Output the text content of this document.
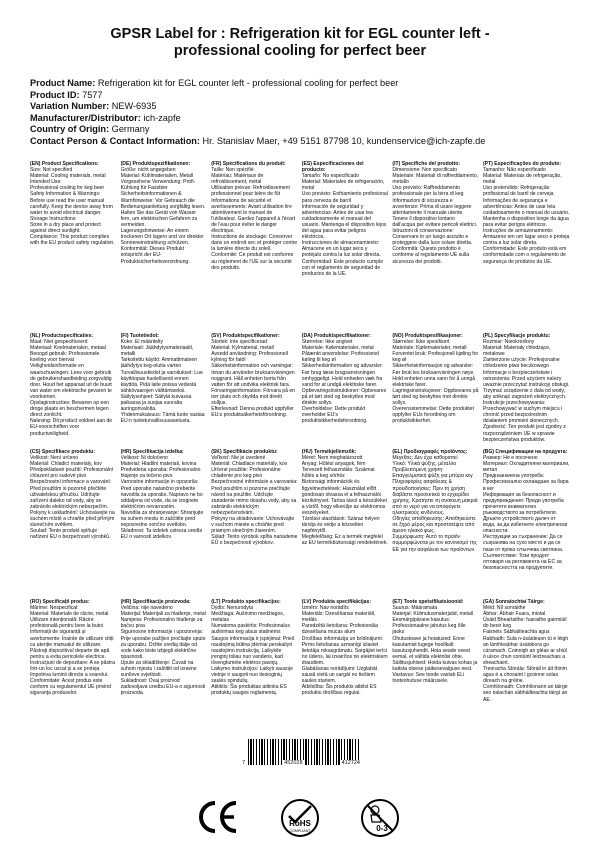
GPSR Label for : Refrigeration kit for EGL counter left -
professional cooling for perfect beer
Product Name: Refrigeration kit for EGL counter left - professional cooling for perfect beer
Product ID: 7577
Variation Number: NEW-6935
Manufacturer/Distributor: ich-zapfe
Country of Origin: Germany
Contact Person & Contact Information: Hr. Stanislav Maer, +49 5151 87798 10, kundenservice@ich-zapfe.de

(EN) Product Specifications:

Size: Not specified
Material: Cooling materials, metal
Intended Use:
Professional cooling for keg beer
Safety Information & Warnings: Before use read the user manual carefully. Keep the device away from water to avoid electrical danger.
Storage Instructions:
Store in a dry place and protect against direct sunlight.
Compliance: This product complies with the EU product safety regulation.

(DE) Produktspezifikationen:

Größe: nicht angegeben
Material: Kühlmaterialien, Metall
Vorgesehene Verwendung: Profi-Kühlung für Fassbier
Sicherheitsinformationen & Warnhinweise: Vor Gebrauch die Bedienungsanleitung sorgfältig lesen. Halten Sie das Gerät von Wasser fern, um elektrischen Gefahren zu vermeiden.
Lagerungshinweise: An einem trockenen Ort lagern und vor direkter Sonneneinstrahlung schützen.
Konformität: Dieses Produkt entspricht der EU-Produktsicherheitsverordnung.

(FR) Spécifications du produit:

Taille: Non spécifié
Matériau: Matériaux de refroidissement, métal
Utilisation prévue: Refroidissement professionnel pour bière de fût
Informations de sécurité et avertissements: Avant utilisation lire attentivement le manuel de l'utilisateur. Gardez l'appareil à l'écart de l'eau pour éviter le danger électrique.
Instructions de stockage: Conserver dans un endroit sec et protéger contre la lumière directe du soleil.
Conformité: Ce produit est conforme au règlement de l'UE sur la sécurité des produits.

(ES) Especificaciones del producto:

Tamaño: No especificado
Material: Materiales de refrigeración, metal
Uso previsto: Enfriamiento profesional para cerveza de barril
Información de seguridad y advertencias: Antes de usar lea cuidadosamente el manual del usuario. Mantenga el dispositivo lejos del agua para evitar peligros eléctricos.
Instrucciones de almacenamiento: Almacene en un lugar seco y protéjalo contra la luz solar directa.
Conformidad: Este producto cumple con el reglamento de seguridad de productos de la UE.

(IT) Specifiche del prodotto:

Dimensione: Non specificato
Materiale: Materiali di raffreddamento, metallo
Uso previsto: Raffreddamento professionale per la birra di keg
Informazioni di sicurezza e avvertenze: Prima di usare leggere attentamente il manuale utente. Tenere il dispositivo lontano dall'acqua per evitare pericoli elettrici.
Istruzioni di conservazione: Conservare in un luogo asciutto e proteggere dalla luce solare diretta.
Conformità: Questo prodotto è conforme al regolamento UE sulla sicurezza dei prodotti.

(PT) Especificações do produto:

Tamanho: Não especificado
Material: Materiais de refrigeração, metal
Uso pretendido: Refrigeração profissional de barril de cerveja
Informações de segurança e advertências: Antes de usar leia cuidadosamente o manual do usuário. Mantenha o dispositivo longe da água para evitar perigos elétricos.
Instruções de armazenamento: Armazene em um lugar seco e proteja contra a luz solar direta.
Conformidade: Este produto está em conformidade com o regulamento de segurança de produtos da UE.

(NL) Productspecificaties:

Maat: Niet gespecificeerd
Materiaal: Koelmaterialen, metaal
Beoogd gebruik: Professionele koeling voor biervat
Veiligheidsinformatie en waarschuwingen: Lees voor gebruik de gebruikershandleiding zorgvuldig door. Houd het apparaat uit de buurt van water om elektrische gevaren te voorkomen.
Opslaginstructies: Bewaren op een droge plaats en beschermen tegen direct zonlicht.
Naleving: Dit product voldoet aan de EU-voorschriften voor productveiligheid.

(FI) Tuotetiedot:

Koko: Ei määritelty
Materiaali: Jäähdytysmateriaalit, metalli
Tarkoitettu käyttö: Ammattimainen jäähdytys keg-oluita varten
Turvallisuustiedot ja varoitukset: Lue käyttöopas huolellisesti ennen käyttöä. Pidä laite poissa vedestä sähkövaarojen välttämiseksi.
Säilytysohjeet: Säilytä kuivassa paikassa ja suojaa suoralta auringonvalolta.
Yhdenmukaisuus: Tämä tuote vastaa EU:n tuoteturvallisuusasetusta.

(SV) Produktspecifikationer:

Storlek: Inte specificerad
Material: Kylmaterial, metall
Avsedd användning: Professionell kylning för fatöl
Säkerhetsinformation och varningar: Innan du använder bruksanvisningen noggrant. Håll enheten borta från vatten för att undvika elektrisk fara.
Förvaringsinformation: Förvara på en torr plats och skydda mot direkt solljus.
Efterlevnad: Denna produkt uppfyller EU:s produktsäkerhetsförordning.

(DA) Produktspecifikationer:

Størrelse: Ikke angivet
Materiale: Kølematerialer, metal
Påtænkt anvendelse: Professionel køling til keg øl
Sikkerhedsinformation og advarsler: Før brug læse brugsanvisningen omhyggeligt. Hold enheden væk fra vand for at undgå elektriske farer.
Opbevaringsinstruktioner: Opbevares på et tørt sted og beskyttes mod direkte sollys.
Overholdelse: Dette produkt overholder EU's produktsikkerhedsforordning.

(NO) Produktspesifikasjoner:

Størrelse: Ikke spesifisert
Materiale: Kjølematerialer, metall
Forventet bruk: Profesjonell kjøling for keg øl
Sikkerhetsinformasjon og advarsler: Før bruk les bruksanvisningen nøye. Hold enheten unna vann for å unngå elektriske farer.
Lagringsinstruksjoner: Oppbevares på tørt sted og beskyttes mot direkte sollys.
Overensstemmelse: Dette produktet oppfyller EUs forordning om produktsikkerhet.

(PL) Specyfikacje produktu:

Rozmiar: Nieokreślony
Materiał: Materiały chłodzące, metalowe
Zamierzone użycie: Profesjonalne chłodzenie piwa beczkowego
Informacje o bezpieczeństwie i ostrzeżenia: Przed użyciem należy uważnie przeczytać instrukcję obsługi. Trzymać urządzenie z dala od wody, aby uniknąć zagrożeń elektrycznych.
Instrukcje przechowywania: Przechowywać w suchym miejscu i chronić przed bezpośrednim działaniem promieni słonecznych.
Zgodność: Ten produkt jest zgodny z rozporządzeniem UE w sprawie bezpieczeństwa produktów.

(CS) Specifikace produktu:

Velikost: Není určeno
Materiál: Chladicí materiály, kov
Předpokládané použití: Profesionální chlazení pro sudové pivo
Bezpečnostní informace a varování: Před použitím si pozorně přečtěte uživatelskou příručku. Udržujte zařízení daleko od vody, aby se zabránilo elektrickým nebezpečím.
Pokyny k uskladnění: Uchovávejte na suchém místě a chraňte před přímým slunečním světlem.
Soulad: Tento produkt splňuje nařízení EU o bezpečnosti výrobků.

(HR) Specifikacija izdelka:

Velikost: Ni določeno
Material: Hladilni materiali, kovina
Predvidena uporaba: Profesionalno hlajenje za točeno pivo
Varnostne informacije in opozorila: Pred uporabo natančno preberite navodila za uporabo. Napravo ne bo oddaljena od vode, da se izognete električnim nevarnostim.
Navodila za shranjevanje: Shranjujte na suhem mestu in zaščitite pred neposredno sončno svetlobo.
Skladnost: Ta izdelek ustreza uredbi EU o varnosti izdelkov.

(SK) Špecifikácie produktu:

Veľkosť: Nie je uvedené
Materiál: Chladiace materiály, kov
Určené použitie: Profesionálne chladenie pre keg pivo
Bezpečnostné informácie a varovania: Pred použitím si pozorne prečítajte návod na použitie. Udržujte zariadenie mimo dosahu vody, aby sa zabránilo elektrickým nebezpečenstvám.
Pokyny na skladovanie: Uchovávajte v suchom mieste a chráňte pred priamym slnečným žiarením.
Súlad: Tento výrobok spĺňa nariadenie EÚ o bezpečnosti výrobkov.

(HU) Termékjellemzők:

Méret: Nem meghatározott
Anyag: Hűtési anyagok, fém
Tervezett felhasználás: Szakmai hűtés a keg sörhöz
Biztonsági információk és figyelmeztetések: Használat előtt gondosan olvassa el a felhasználói kézikönyvet. Tartsa távol a készüléket a víztől, hogy elkerülje az elektromos veszélyeket.
Tárolási utasítások: Száraz helyen tárolja és védje a közvetlen napfénytől.
Megfelelőség: Ez a termék megfelel az EU termékbiztonsági rendeletének.

(EL) Προδιαγραφές προϊόντος:

Μέγεθος: Δεν έχει καθοριστεί
Υλικό: Υλικά ψύξης, μέταλλο
Προβλεπόμενη χρήση: Επαγγελματική ψύξη για μπύρα κεγ
Πληροφορίες ασφάλειας & προειδοποιήσεις: Πριν τη χρήση διαβάστε προσεκτικά το εγχειρίδιο χρήσης. Κρατήστε τη συσκευή μακριά από το νερό για να αποφύγετε ηλεκτρικούς κινδύνους.
Οδηγίες αποθήκευσης: Αποθηκεύστε σε ξηρό μέρος και προστατέψτε από άμεσο ηλιακό φως.
Συμμόρφωση: Αυτό το προϊόν συμμορφώνεται με τον κανονισμό της ΕΕ για την ασφάλεια των προϊόντων.

(BG) Спецификации на продукта:

Размер: Не е посочено
Материал: Охладителни материали, метал
Предназначена употреба: Професионално охлаждане за бира в кег
Информация за безопасност и предупреждения: Преди употреба прочетете внимателно ръководството за потребителя. Дръжте устройството далеч от вода, за да избегнете електрически опасности.
Инструкции за съхранение: Да се съхранява на сухо място и да се пази от пряка слънчева светлина.
Съответствие: Този продукт отговаря на регламента на ЕС за безопасността на продуктите.

(RO) Specificații produs:

Mărime: Nespecificat
Material: Materiale de răcire, metal
Utilizare intenționată: Răcire profesională pentru bere la butoi
Informații de siguranță și avertismente: Înainte de utilizare citiți cu atenție manualul de utilizare. Păstrați dispozitivul departe de apă pentru a evita pericolele electrice.
Instrucțiuni de depozitare: A se păstra într-un loc uscat și a se proteja împotriva luminii directe a soarelui.
Conformitate: Acest produs este conform cu regulamentul UE privind siguranța produselor.

(HR) Specifikacije proizvoda:

Veličina: nije navedeno
Materijal: Materijali za hlađenje, metal
Namjena: Profesionalno hlađenje za bačvu piva
Sigurnosne informacije i upozorenja: Prije uporabe pažljivo pročitajte upute za uporabu. Držite uređaj dalje od vode kako biste izbjegli električne opasnosti.
Upute za skladištenje: Čuvati na suhom mjestu i zaštititi od izravne sunčeve svjetlosti.
Sukladnost: Ovaj proizvod zadovoljava uredbu EU-a o sigurnosti proizvoda.

(LT) Produkto specifikacijos:

Dydis: Nenurodyta
Medžiaga: Aušinimo medžiagos, metalas
Numatoma paskirtis: Profesionalus aušinimas keg alaus statinėms
Saugos informacija ir įspėjimai: Prieš naudojimą būtina įdėmiai perskaityti naudojimo instrukciją. Laikykite įrenginį toliau nuo vandens, kad išvengtumėte elektros pavojų.
Laikymo instrukcijos: Laikyti sausoje vietoje ir saugoti nuo tiesioginių saulės spindulių.
Atitiktis: Šis produktas atitinka ES produktų saugos reglamentą.

(LV) Produkta specifikācijas:

Izmērs: Nav norādīts
Materiāls: Dzesēšanas materiāli, metāls
Paredzētā lietošana: Profesionāla dzesēšana mucas alum
Drošības informācija un brīdinājumi: Pirms lietošanas uzmanīgi izlasiet lietotāja rokasgrāmatu. Sargājiet ierīci no ūdens, lai izvairītos no elektriskiem draudiem.
Glabāšanas norādījumi: Uzglabāt sausā vietā un sargāt no tiešiem saules stariem.
Atbilstība: Šis produkts atbilst ES produktu drošības regulai.

(ET) Toote spetsifikatsioonid:

Suurus: Määramata
Materjal: Külmutusmaterjalid, metall
Eesmärgipärane kasutus: Professionaalne jahutus keg õlle jaoks
Ohutusteave ja hoiatused: Enne kasutamist lugege hoolikalt kasutusjuhendit. Hoia seade veest eemal, et vältida elektrilisi ohte.
Säilitusjuhised: Hoida kuivas kohas ja kaitsta otsese päikesevalguse eest.
Vastavus: See toode vastab ELi tooteohutuse määrusele.

(GA) Sonraíochtaí Táirge:

Méid: Níl sonraithe
Ábhar: Ábhair Fuara, miotal
Úsáid Bheartaithe: fuaraithe gairmiúil do beoir keg
Faisnéis Sábháilteachta agus Rabhadh: Sula n-úsáideann tú é léigh an lámhleabhar úsáideora go cúramach. Coinnigh an gléas ar shiúl ó uisce chun contúirtí leictreachais a sheachaint.
Treoracha Stórála: Stóráil in áit thirim agus é a chosaint i gcoinne solas díreach na gréine.
Comhlíonadh: Comhlíonann an táirge seo rialachán sábháilteachta táirgí an AE.

7	452028	412724
RoHS
COMPLIANT	0-3
